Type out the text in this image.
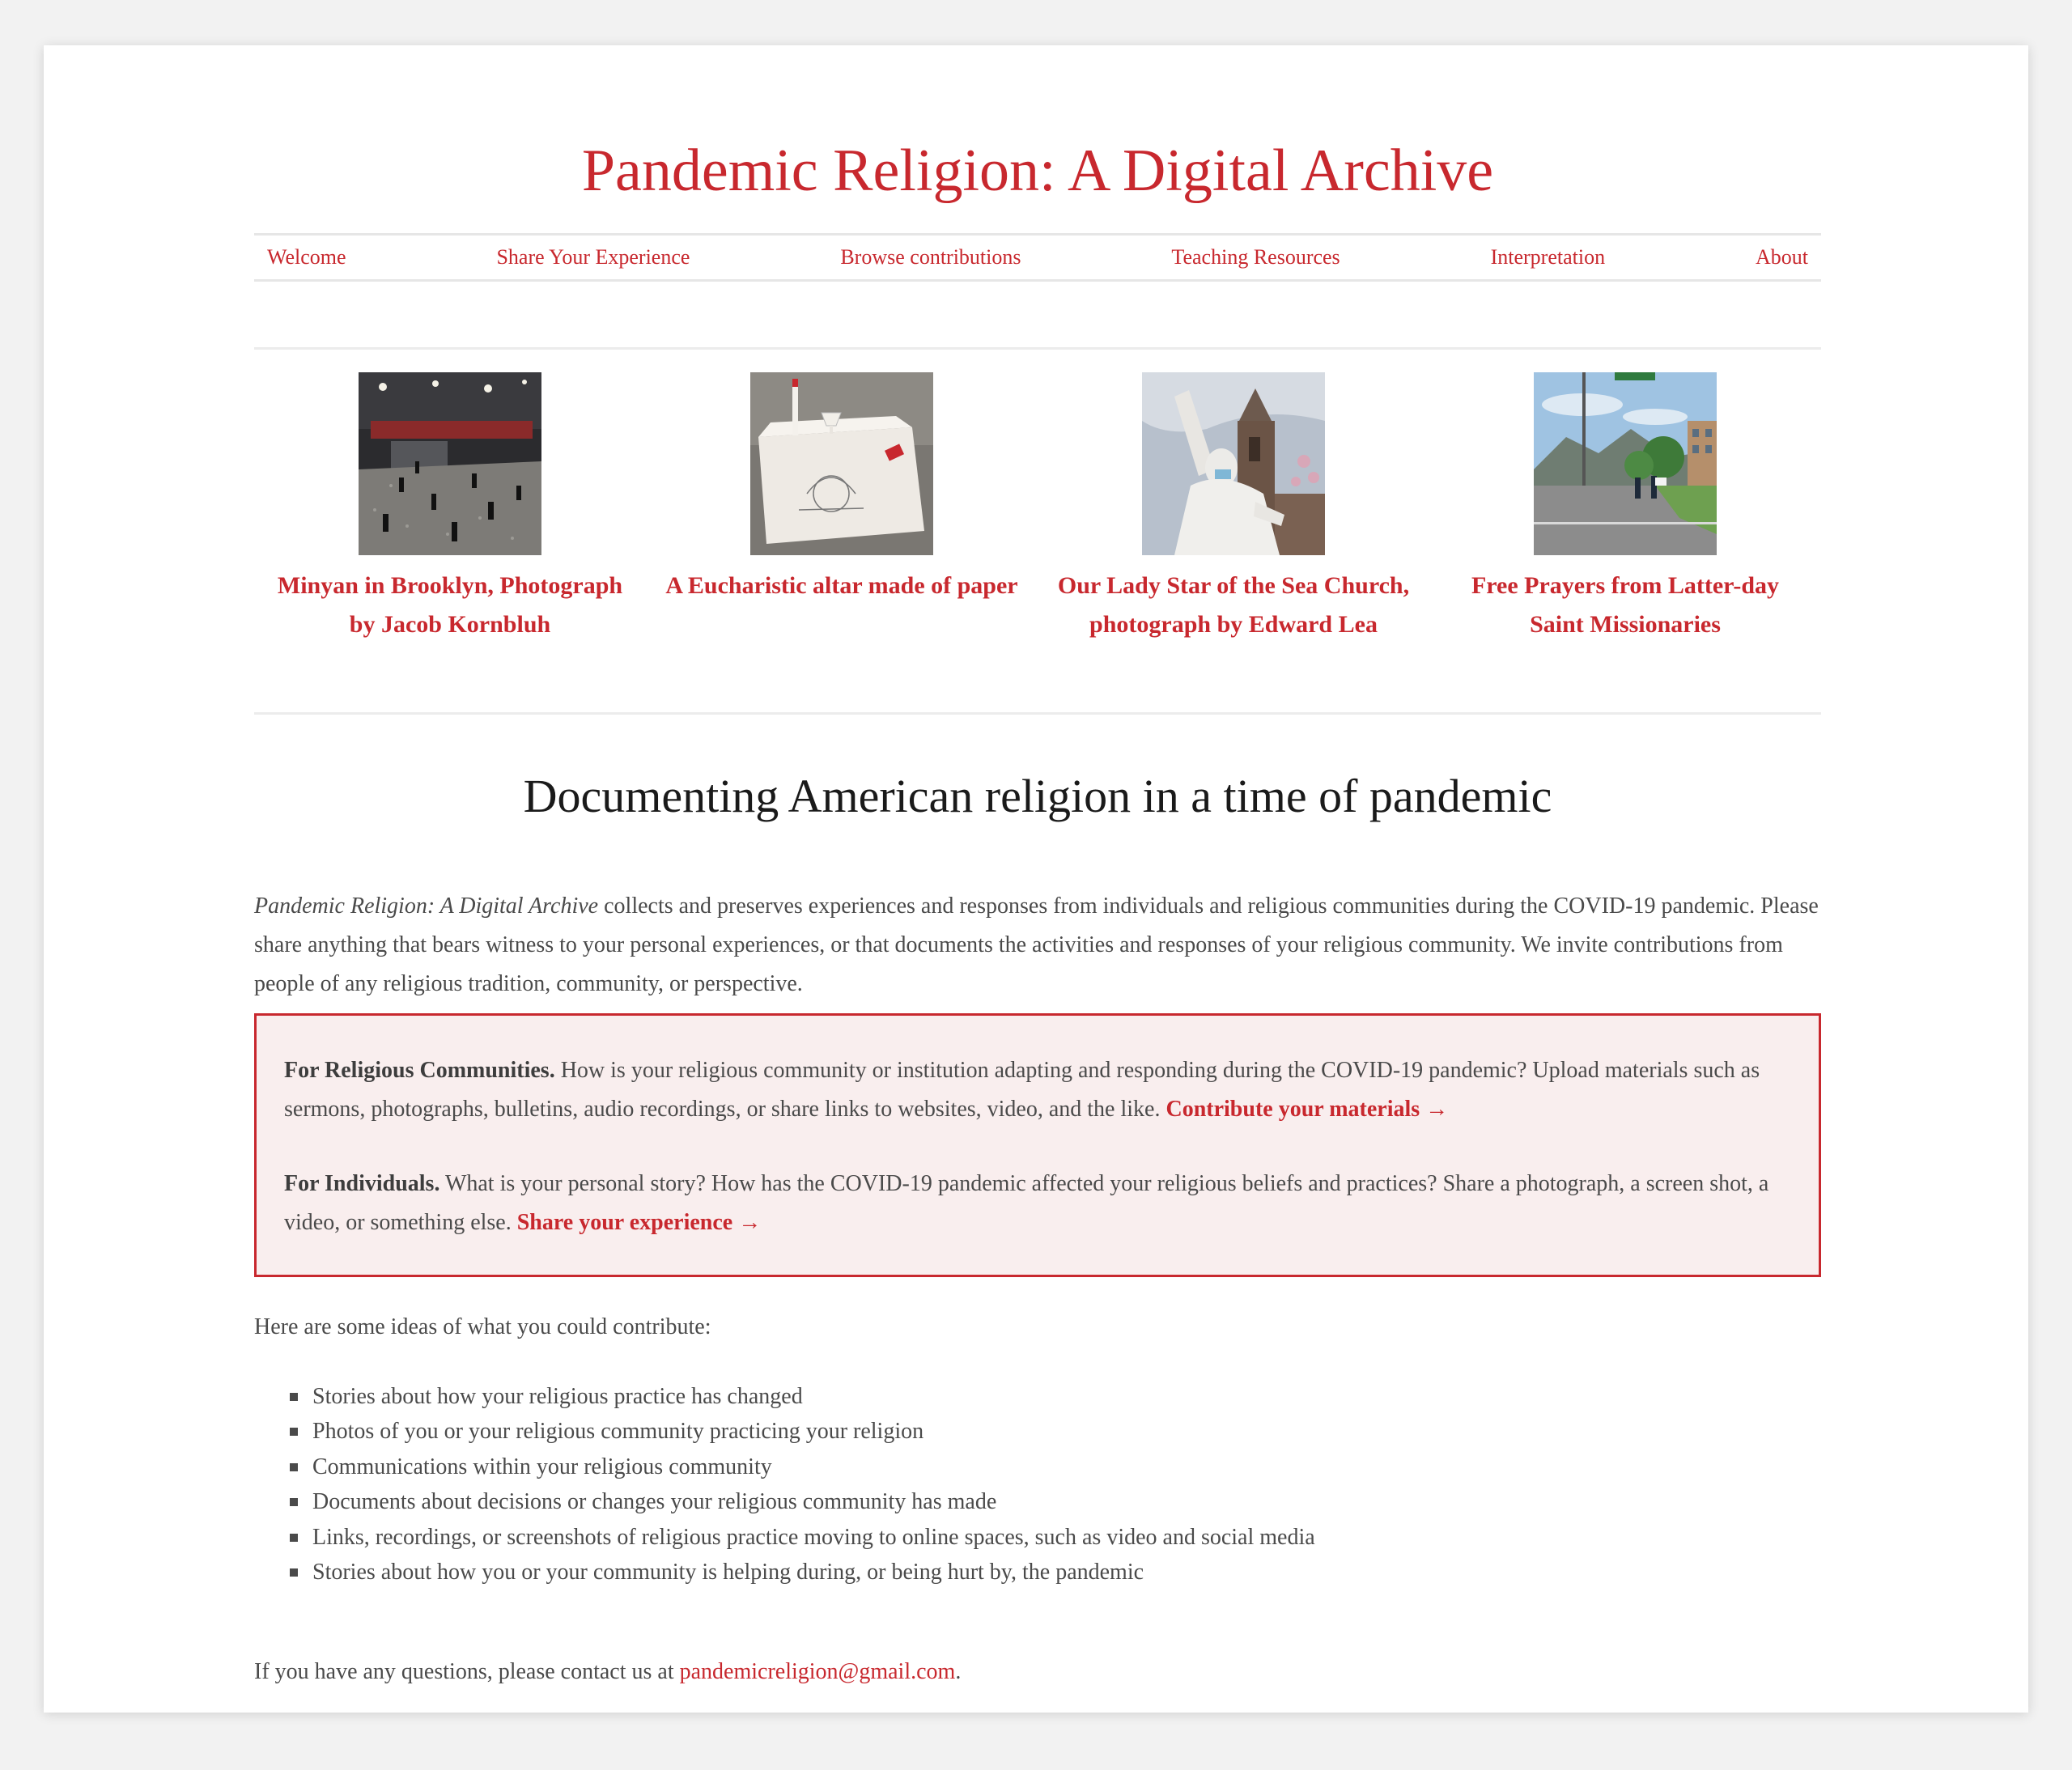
Pandemic Religion: A Digital Archive
Welcome	Share Your Experience	Browse contributions	Teaching Resources	Interpretation	About
Minyan in Brooklyn, Photograph by Jacob Kornbluh
A Eucharistic altar made of paper	Our Lady Star of the Sea Church, photograph by Edward Lea
Free Prayers from Latter-day Saint Missionaries
Documenting American religion in a time of pandemic

Pandemic Religion: A Digital Archive collects and preserves experiences and responses from individuals and religious communities during the COVID-19 pandemic. Please share anything that bears witness to your personal experiences, or that documents the activities and responses of your religious community. We invite contributions from people of any religious tradition, community, or perspective.

For Religious Communities. How is your religious community or institution adapting and responding during the COVID-19 pandemic? Upload materials such as sermons, photographs, bulletins, audio recordings, or share links to websites, video, and the like. Contribute your materials →

For Individuals. What is your personal story? How has the COVID-19 pandemic affected your religious beliefs and practices? Share a photograph, a screen shot, a video, or something else. Share your experience →

Here are some ideas of what you could contribute:

Stories about how your religious practice has changed
Photos of you or your religious community practicing your religion
Communications within your religious community
Documents about decisions or changes your religious community has made
Links, recordings, or screenshots of religious practice moving to online spaces, such as video and social media
Stories about how you or your community is helping during, or being hurt by, the pandemic

If you have any questions, please contact us at pandemicreligion@gmail.com.
